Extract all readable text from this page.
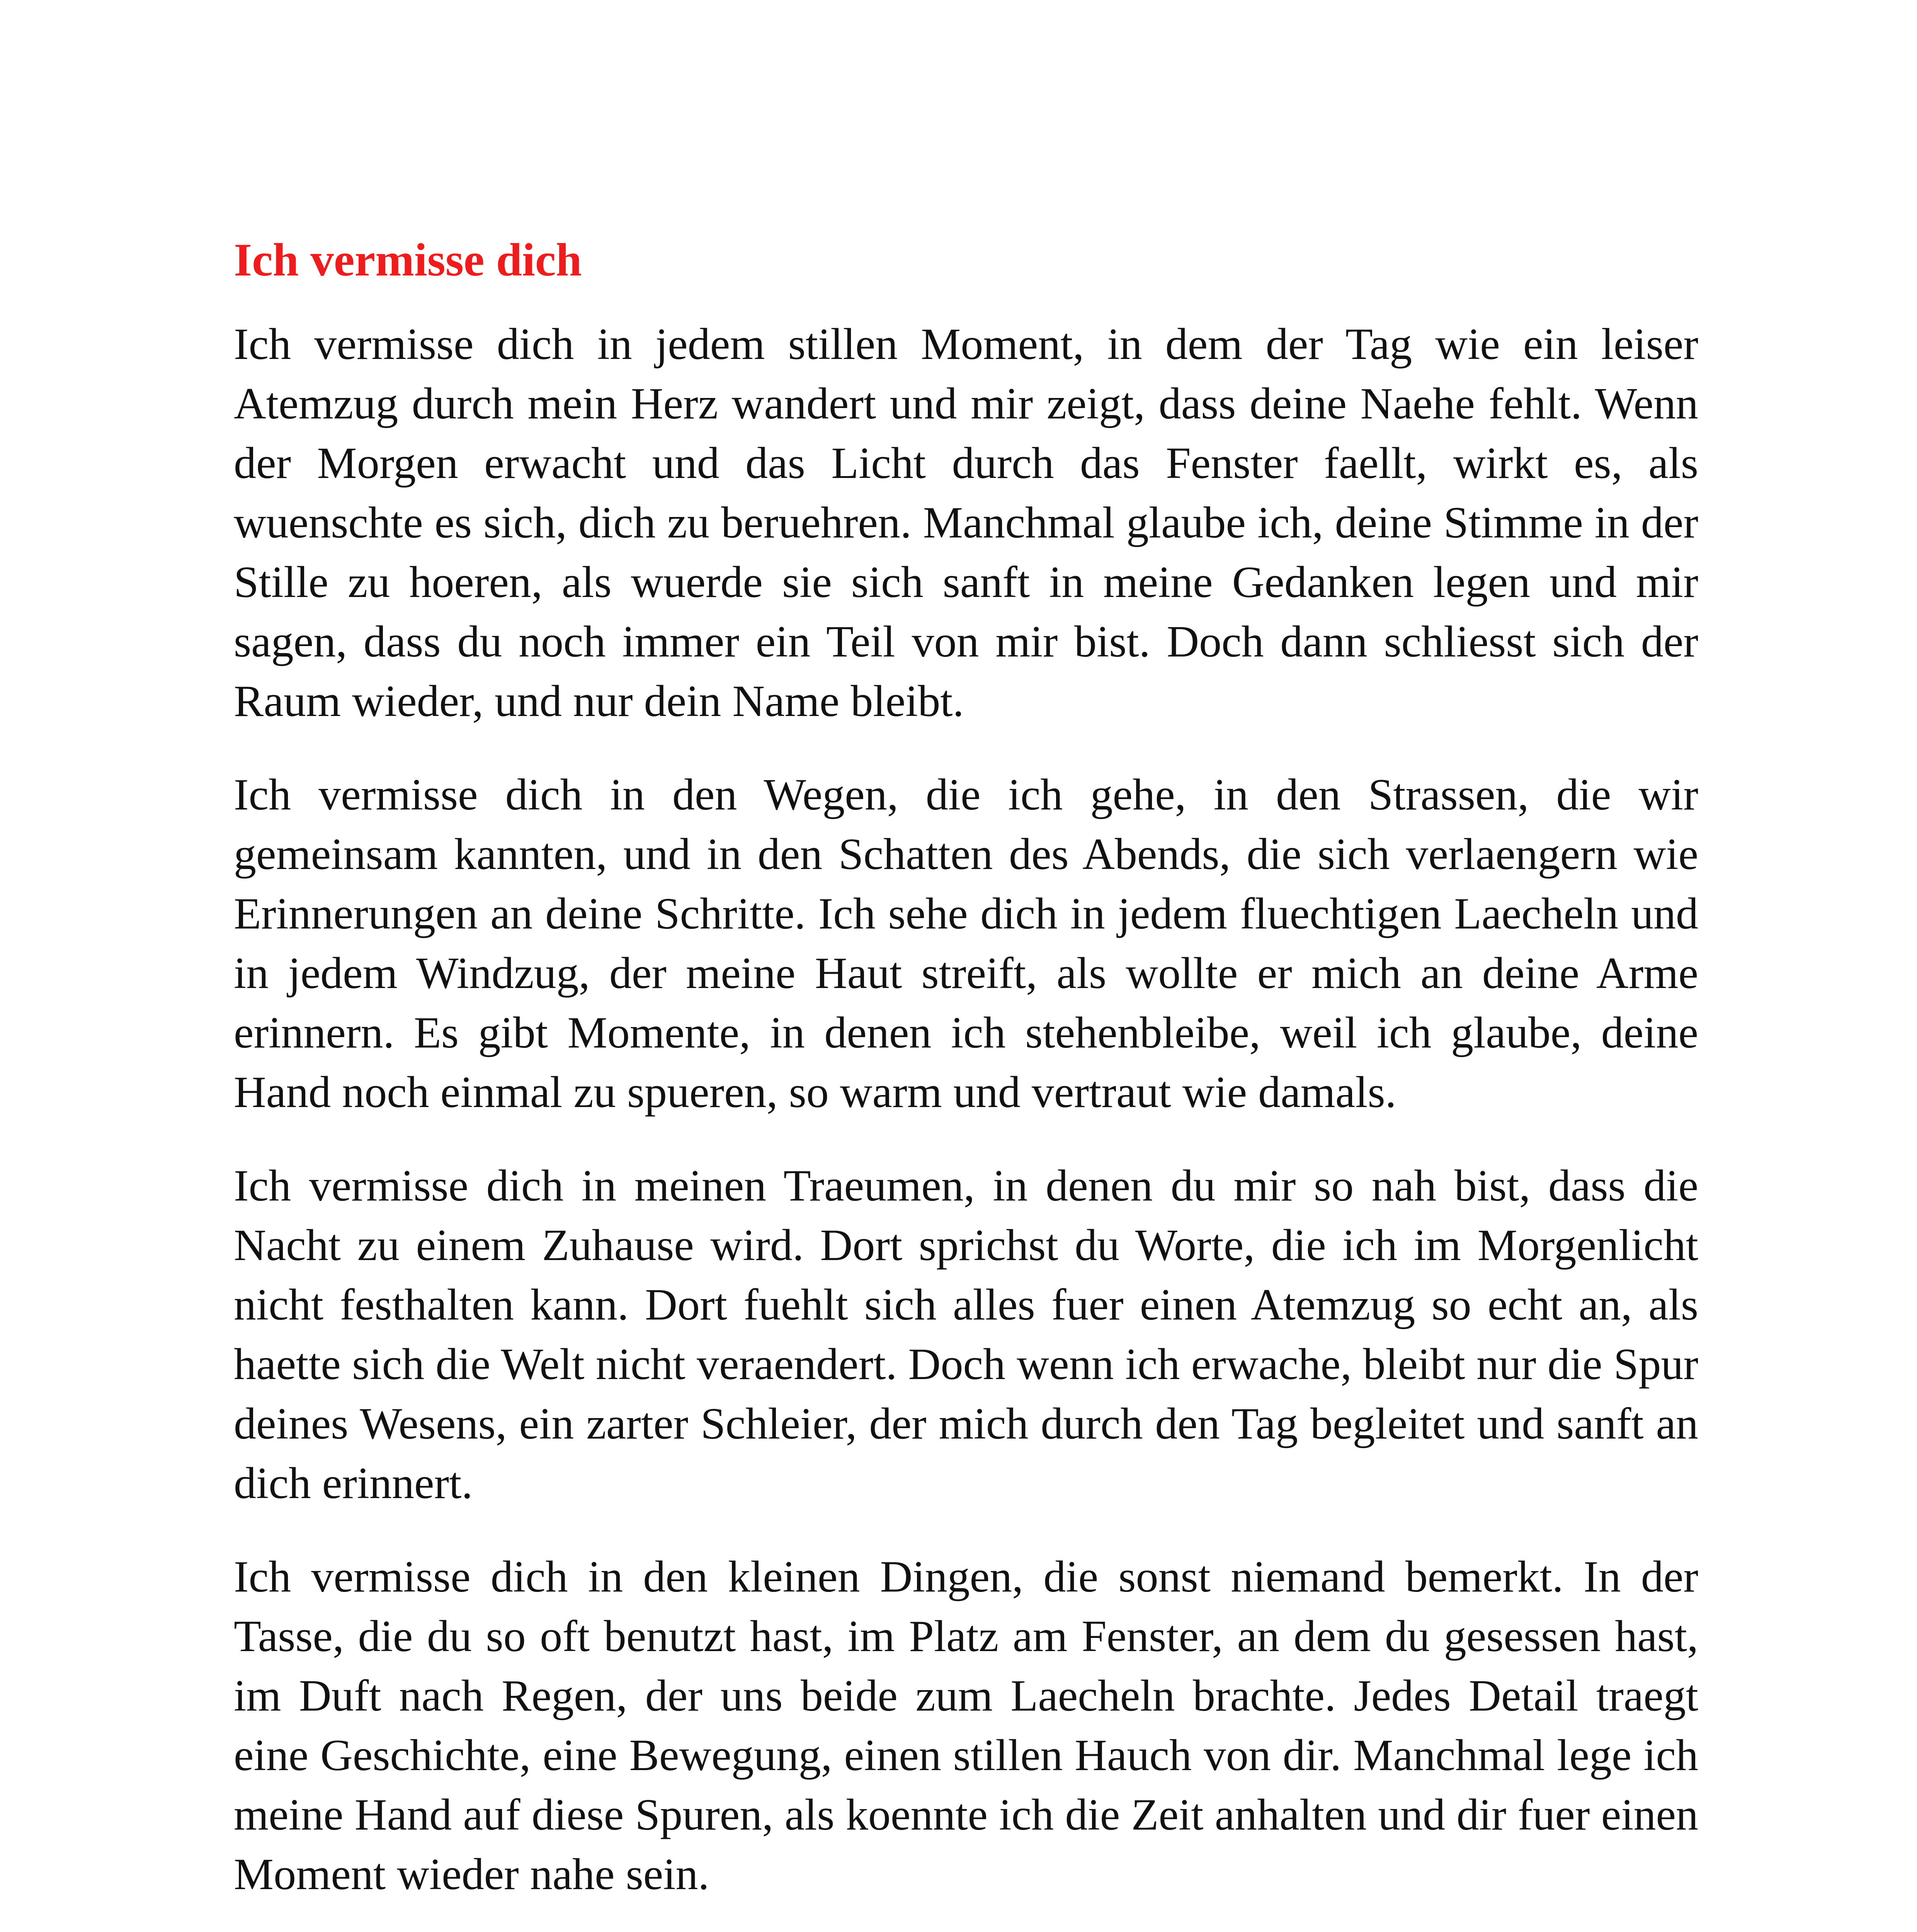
Ich vermisse dich

Ich vermisse dich in jedem stillen Moment, in dem der Tag wie ein leiser Atemzug durch mein Herz wandert und mir zeigt, dass deine Naehe fehlt. Wenn der Morgen erwacht und das Licht durch das Fenster faellt, wirkt es, als wuenschte es sich, dich zu beruehren. Manchmal glaube ich, deine Stimme in der Stille zu hoeren, als wuerde sie sich sanft in meine Gedanken legen und mir sagen, dass du noch immer ein Teil von mir bist. Doch dann schliesst sich der Raum wieder, und nur dein Name bleibt.

Ich vermisse dich in den Wegen, die ich gehe, in den Strassen, die wir gemeinsam kannten, und in den Schatten des Abends, die sich verlaengern wie Erinnerungen an deine Schritte. Ich sehe dich in jedem fluechtigen Laecheln und in jedem Windzug, der meine Haut streift, als wollte er mich an deine Arme erinnern. Es gibt Momente, in denen ich stehenbleibe, weil ich glaube, deine Hand noch einmal zu spueren, so warm und vertraut wie damals.

Ich vermisse dich in meinen Traeumen, in denen du mir so nah bist, dass die Nacht zu einem Zuhause wird. Dort sprichst du Worte, die ich im Morgenlicht nicht festhalten kann. Dort fuehlt sich alles fuer einen Atemzug so echt an, als haette sich die Welt nicht veraendert. Doch wenn ich erwache, bleibt nur die Spur deines Wesens, ein zarter Schleier, der mich durch den Tag begleitet und sanft an dich erinnert.

Ich vermisse dich in den kleinen Dingen, die sonst niemand bemerkt. In der Tasse, die du so oft benutzt hast, im Platz am Fenster, an dem du gesessen hast, im Duft nach Regen, der uns beide zum Laecheln brachte. Jedes Detail traegt eine Geschichte, eine Bewegung, einen stillen Hauch von dir. Manchmal lege ich meine Hand auf diese Spuren, als koennte ich die Zeit anhalten und dir fuer einen Moment wieder nahe sein.
